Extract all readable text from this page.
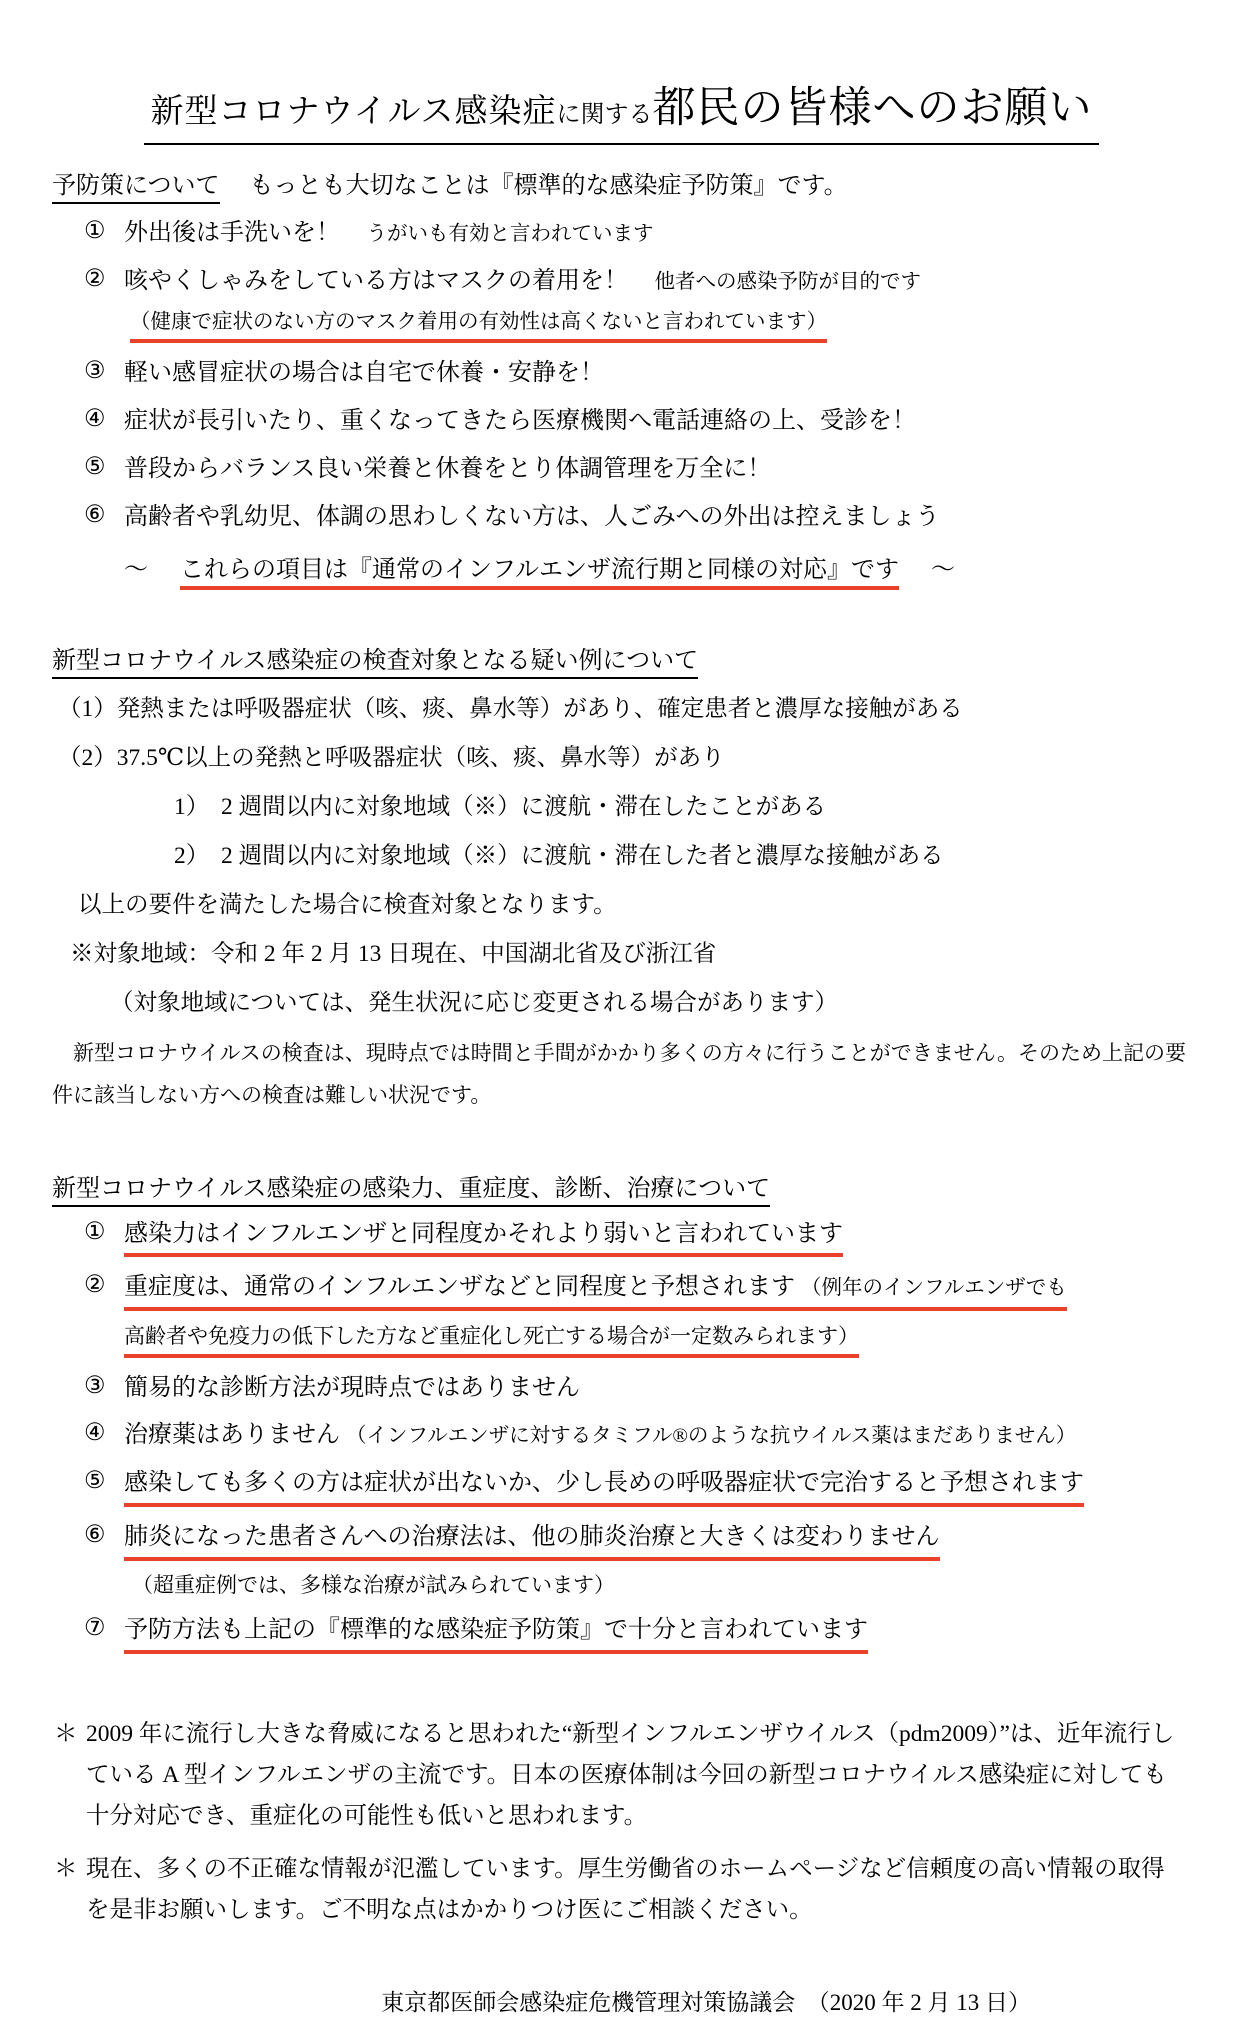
新型コロナウイルス感染症 に関する 都民の皆様へのお願い
予防策について 　もっとも大切なことは『標準的な感染症予防策』です。
① 外出後は手洗いを！ 　うがいも有効と言われています
② 咳やくしゃみをしている方はマスクの着用を！ 　他者への感染予防が目的です
（健康で症状のない方のマスク着用の有効性は高くないと言われています）
③ 軽い感冒症状の場合は自宅で休養・安静を！
④ 症状が長引いたり、重くなってきたら医療機関へ電話連絡の上、受診を！
⑤ 普段からバランス良い栄養と休養をとり体調管理を万全に！
⑥ 高齢者や乳幼児、体調の思わしくない方は、人ごみへの外出は控えましょう
～ これらの項目は『通常のインフルエンザ流行期と同様の対応』です ～
新型コロナウイルス感染症の検査対象となる疑い例について
（1）発熱または呼吸器症状（咳、痰、鼻水等）があり、確定患者と濃厚な接触がある
（2）37.5℃以上の発熱と呼吸器症状（咳、痰、鼻水等）があり
1）　2 週間以内に対象地域（※）に渡航・滞在したことがある
2）　2 週間以内に対象地域（※）に渡航・滞在した者と濃厚な接触がある
以上の要件を満たした場合に検査対象となります。
※対象地域：令和 2 年 2 月 13 日現在、中国湖北省及び浙江省
（対象地域については、発生状況に応じ変更される場合があります）
　新型コロナウイルスの検査は、現時点では時間と手間がかかり多くの方々に行うことができません。そのため上記の要件に該当しない方への検査は難しい状況です。
新型コロナウイルス感染症の感染力、重症度、診断、治療について
① 感染力はインフルエンザと同程度かそれより弱いと言われています
② 重症度は、通常のインフルエンザなどと同程度と予想されます （例年のインフルエンザでも
高齢者や免疫力の低下した方など重症化し死亡する場合が一定数みられます）
③ 簡易的な診断方法が現時点ではありません
④ 治療薬はありません （インフルエンザに対するタミフル®のような抗ウイルス薬はまだありません）
⑤ 感染しても多くの方は症状が出ないか、少し長めの呼吸器症状で完治すると予想されます
⑥ 肺炎になった患者さんへの治療法は、他の肺炎治療と大きくは変わりません
（超重症例では、多様な治療が試みられています）
⑦ 予防方法も上記の『標準的な感染症予防策』で十分と言われています
＊ 2009 年に流行し大きな脅威になると思われた“新型インフルエンザウイルス（pdm2009）”は、近年流行している A 型インフルエンザの主流です。日本の医療体制は今回の新型コロナウイルス感染症に対しても十分対応でき、重症化の可能性も低いと思われます。
＊ 現在、多くの不正確な情報が氾濫しています。厚生労働省のホームページなど信頼度の高い情報の取得を是非お願いします。ご不明な点はかかりつけ医にご相談ください。
東京都医師会感染症危機管理対策協議会　（2020 年 2 月 13 日）
